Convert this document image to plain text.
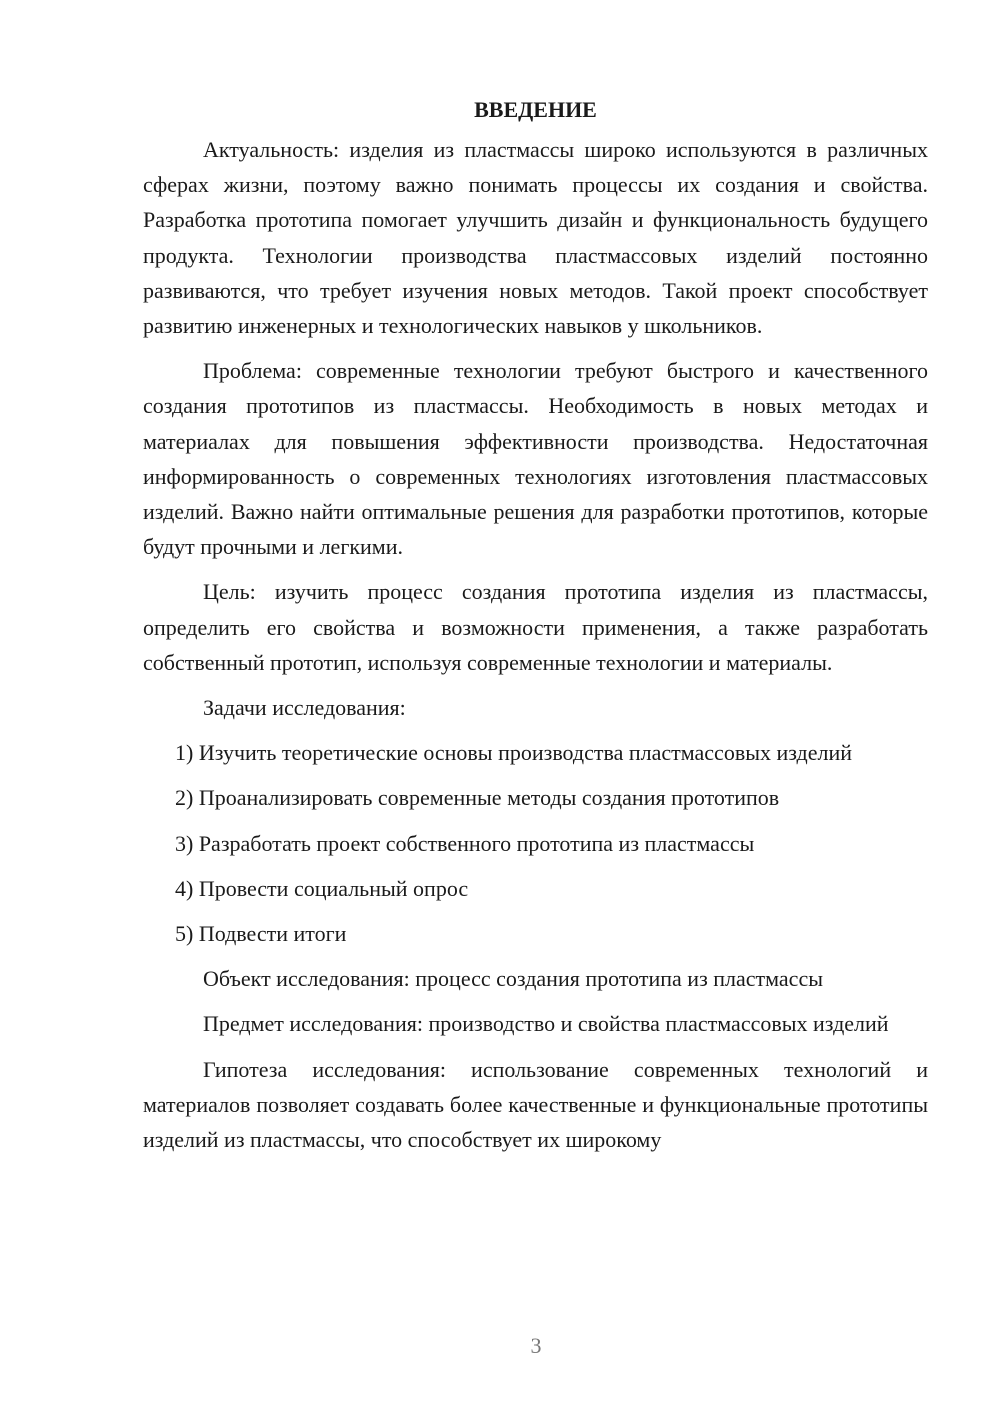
ВВЕДЕНИЕ

Актуальность: изделия из пластмассы широко используются в различных сферах жизни, поэтому важно понимать процессы их создания и свойства. Разработка прототипа помогает улучшить дизайн и функциональность будущего продукта. Технологии производства пластмассовых изделий постоянно развиваются, что требует изучения новых методов. Такой проект способствует развитию инженерных и технологических навыков у школьников.

Проблема: современные технологии требуют быстрого и качественного создания прототипов из пластмассы. Необходимость в новых методах и материалах для повышения эффективности производства. Недостаточная информированность о современных технологиях изготовления пластмассовых изделий. Важно найти оптимальные решения для разработки прототипов, которые будут прочными и легкими.

Цель: изучить процесс создания прототипа изделия из пластмассы, определить его свойства и возможности применения, а также разработать собственный прототип, используя современные технологии и материалы.

Задачи исследования:

1) Изучить теоретические основы производства пластмассовых изделий

2) Проанализировать современные методы создания прототипов

3) Разработать проект собственного прототипа из пластмассы

4) Провести социальный опрос

5) Подвести итоги

Объект исследования: процесс создания прототипа из пластмассы

Предмет исследования: производство и свойства пластмассовых изделий

Гипотеза исследования: использование современных технологий и материалов позволяет создавать более качественные и функциональные прототипы изделий из пластмассы, что способствует их широкому

3
